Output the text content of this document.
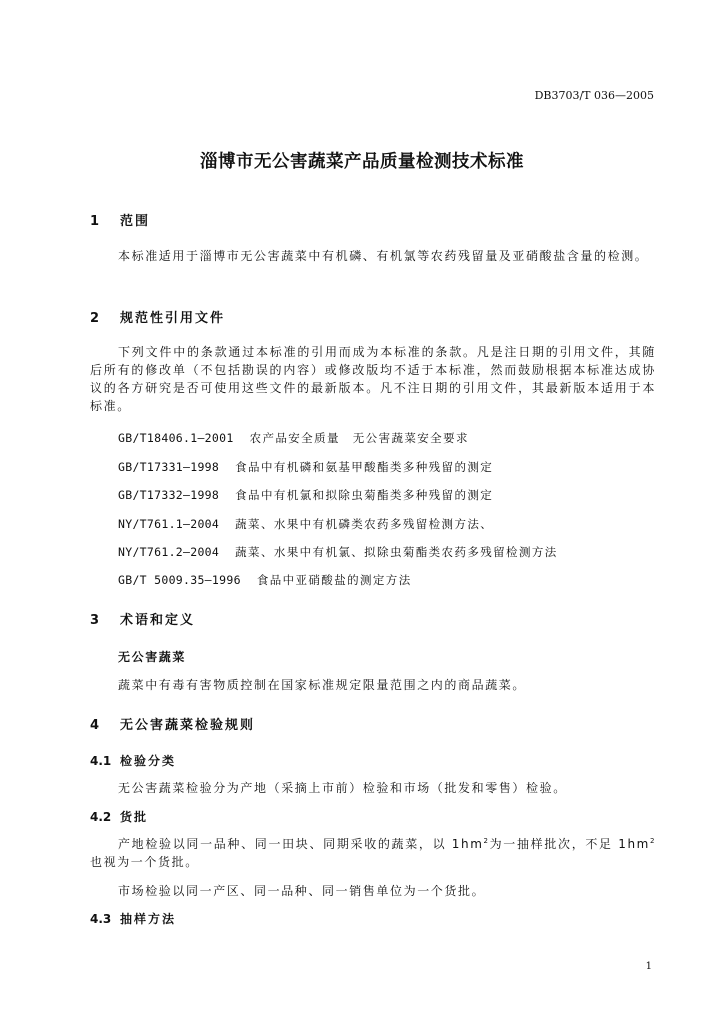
DB3703/T 036—2005
淄博市无公害蔬菜产品质量检测技术标准
1 范围
本标准适用于淄博市无公害蔬菜中有机磷、有机氯等农药残留量及亚硝酸盐含量的检测。
2 规范性引用文件
下列文件中的条款通过本标准的引用而成为本标准的条款。凡是注日期的引用文件，其随后所有的修改单（不包括勘误的内容）或修改版均不适于本标准，然而鼓励根据本标准达成协议的各方研究是否可使用这些文件的最新版本。凡不注日期的引用文件，其最新版本适用于本标准。
GB/T18406.1—2001 农产品安全质量　无公害蔬菜安全要求
GB/T17331—1998 食品中有机磷和氨基甲酸酯类多种残留的测定
GB/T17332—1998 食品中有机氯和拟除虫菊酯类多种残留的测定
NY/T761.1—2004 蔬菜、水果中有机磷类农药多残留检测方法、
NY/T761.2—2004 蔬菜、水果中有机氯、拟除虫菊酯类农药多残留检测方法
GB/T 5009.35—1996 食品中亚硝酸盐的测定方法
3 术语和定义
无公害蔬菜
蔬菜中有毒有害物质控制在国家标准规定限量范围之内的商品蔬菜。
4 无公害蔬菜检验规则
4.1 检验分类
无公害蔬菜检验分为产地（采摘上市前）检验和市场（批发和零售）检验。
4.2 货批
产地检验以同一品种、同一田块、同期采收的蔬菜，以 $1hm^2$为一抽样批次，不足 $1hm^2$也视为一个货批。
市场检验以同一产区、同一品种、同一销售单位为一个货批。
4.3 抽样方法
1
